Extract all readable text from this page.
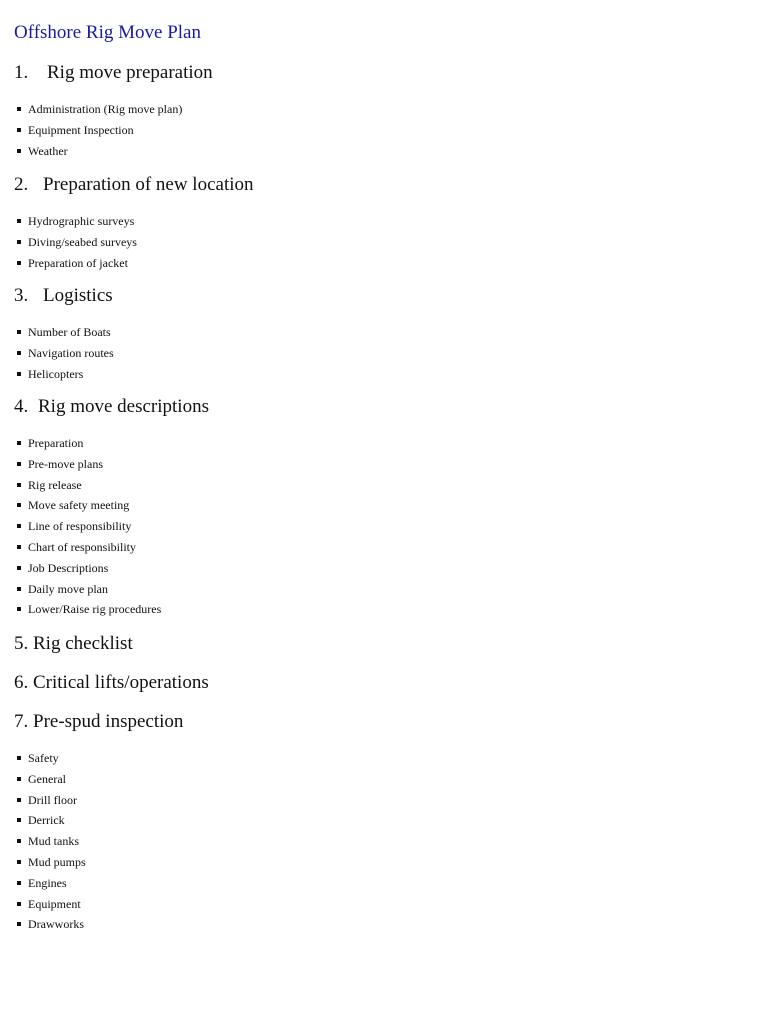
Offshore Rig Move Plan
1. Rig move preparation
Administration (Rig move plan)
Equipment Inspection
Weather
2. Preparation of new location
Hydrographic surveys
Diving/seabed surveys
Preparation of jacket
3. Logistics
Number of Boats
Navigation routes
Helicopters
4. Rig move descriptions
Preparation
Pre-move plans
Rig release
Move safety meeting
Line of responsibility
Chart of responsibility
Job Descriptions
Daily move plan
Lower/Raise rig procedures
5. Rig checklist
6. Critical lifts/operations
7. Pre-spud inspection
Safety
General
Drill floor
Derrick
Mud tanks
Mud pumps
Engines
Equipment
Drawworks
